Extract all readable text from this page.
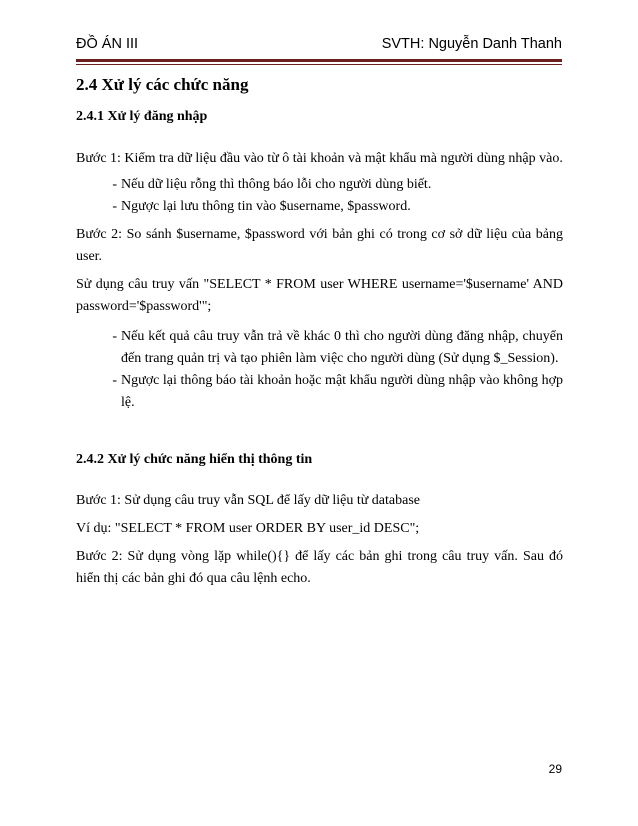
ĐỒ ÁN III	SVTH: Nguyễn Danh Thanh
2.4 Xử lý các chức năng
2.4.1 Xử lý đăng nhập

Bước 1: Kiểm tra dữ liệu đầu vào từ ô tài khoản và mật khẩu mà người dùng nhập vào.

- Nếu dữ liệu rỗng thì thông báo lỗi cho người dùng biết.

- Ngược lại lưu thông tin vào $username, $password.

Bước 2: So sánh $username, $password với bản ghi có trong cơ sở dữ liệu của bảng user.

Sử dụng câu truy vấn "SELECT * FROM user WHERE username='$username' AND password='$password'";

- Nếu kết quả câu truy vẫn trả về khác 0 thì cho người dùng đăng nhập, chuyển đến trang quản trị và tạo phiên làm việc cho người dùng (Sử dụng $_Session).

- Ngược lại thông báo tài khoản hoặc mật khẩu người dùng nhập vào không hợp lệ.

2.4.2 Xử lý chức năng hiển thị thông tin

Bước 1: Sử dụng câu truy vẫn SQL để lấy dữ liệu từ database

Ví dụ: "SELECT * FROM user ORDER BY user_id DESC";

Bước 2: Sử dụng vòng lặp while(){} để lấy các bản ghi trong câu truy vấn. Sau đó hiển thị các bản ghi đó qua câu lệnh echo.

29
